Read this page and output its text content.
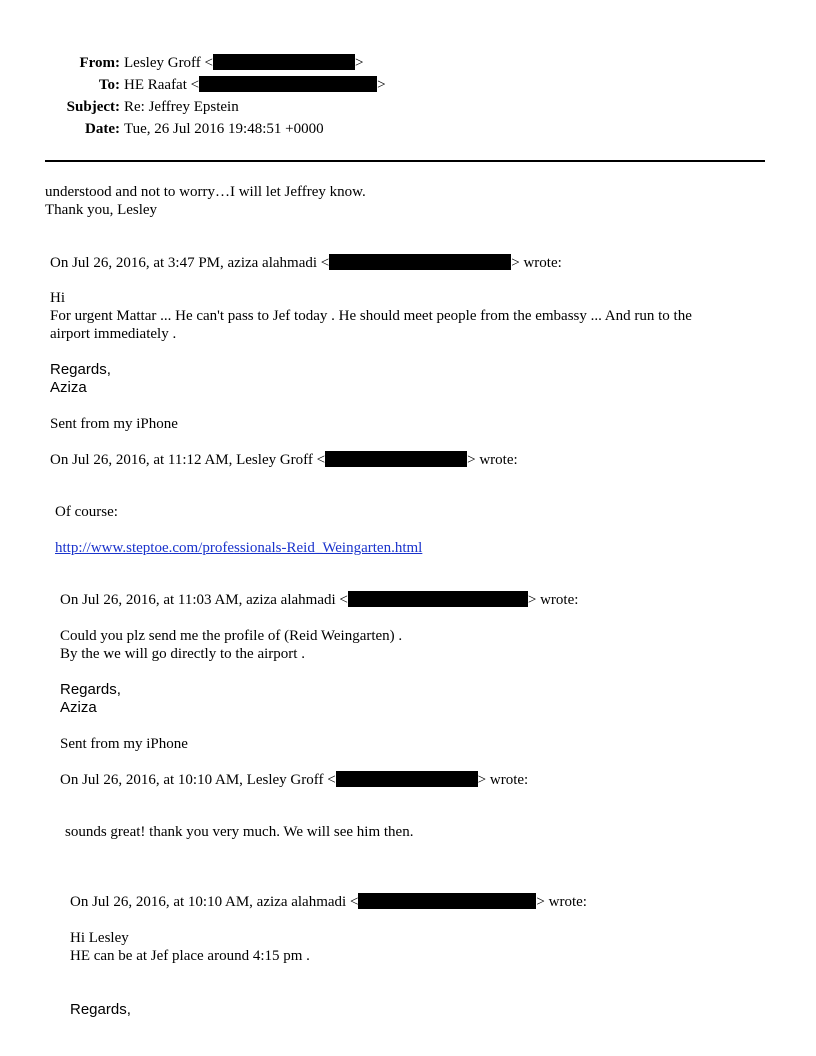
From: Lesley Groff <	>
To: HE Raafat <	>
Subject: Re: Jeffrey Epstein
Date: Tue, 26 Jul 2016 19:48:51 +0000
understood and not to worry…I will let Jeffrey know.
Thank you, Lesley
On Jul 26, 2016, at 3:47 PM, aziza alahmadi <	> wrote:
Hi
For urgent Mattar ... He can't pass to Jef today . He should meet people from the embassy ... And run to the
airport immediately .
Regards,
Aziza
Sent from my iPhone
On Jul 26, 2016, at 11:12 AM, Lesley Groff <	> wrote:
Of course:
http://www.steptoe.com/professionals-Reid_Weingarten.html
On Jul 26, 2016, at 11:03 AM, aziza alahmadi <	> wrote:
Could you plz send me the profile of (Reid Weingarten) .
By the we will go directly to the airport .
Regards,
Aziza
Sent from my iPhone
On Jul 26, 2016, at 10:10 AM, Lesley Groff <	> wrote:
sounds great! thank you very much. We will see him then.
On Jul 26, 2016, at 10:10 AM, aziza alahmadi <	> wrote:
Hi Lesley
HE can be at Jef place around 4:15 pm .
Regards,
